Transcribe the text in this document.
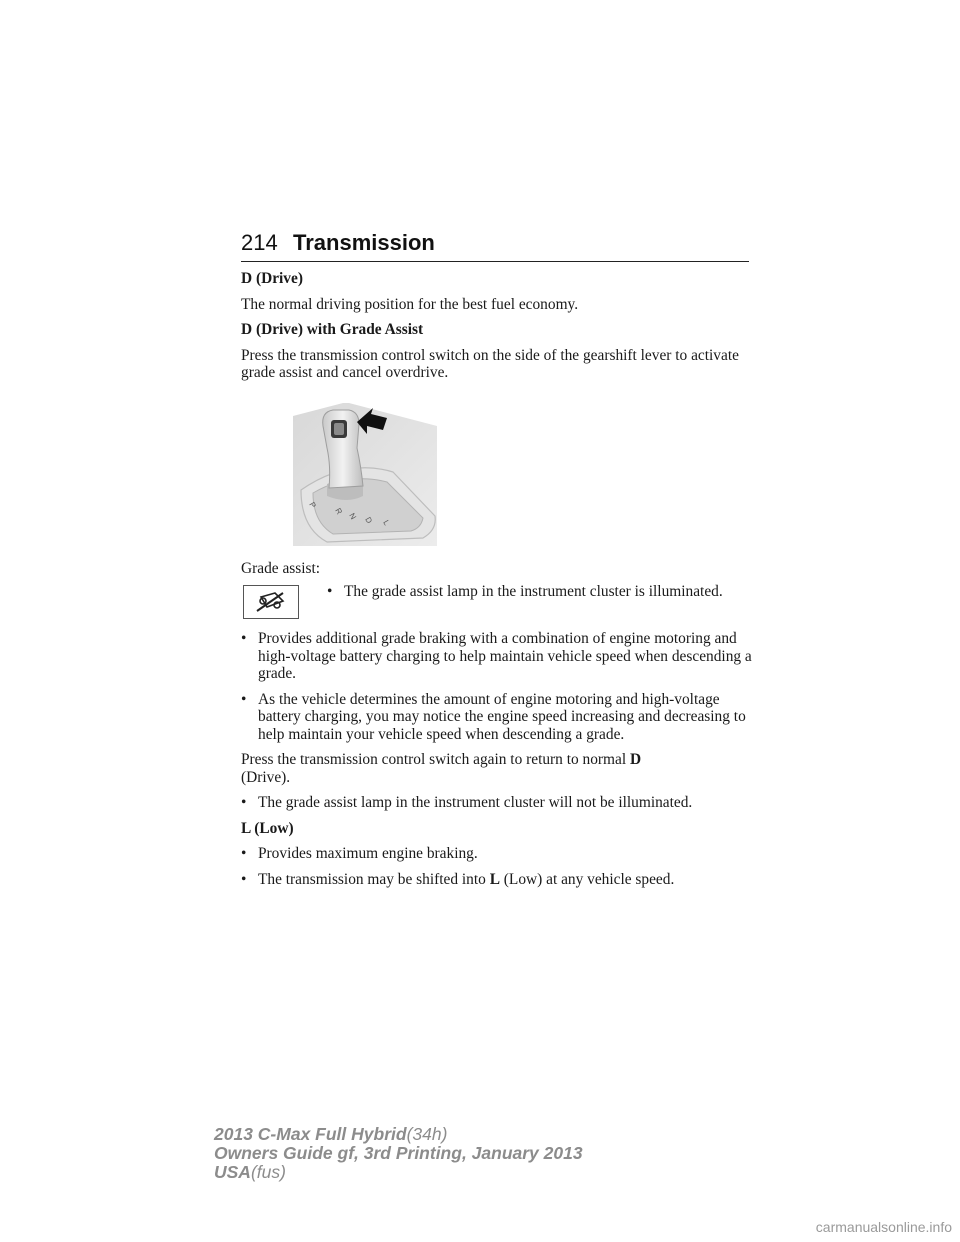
214 Transmission

D (Drive)

The normal driving position for the best fuel economy.

D (Drive) with Grade Assist

Press the transmission control switch on the side of the gearshift lever to activate grade assist and cancel overdrive.

P
R
N D L

Grade assist:

• The grade assist lamp in the instrument cluster is illuminated.
• Provides additional grade braking with a combination of engine motoring and high-voltage battery charging to help maintain vehicle speed when descending a grade.
• As the vehicle determines the amount of engine motoring and high-voltage battery charging, you may notice the engine speed increasing and decreasing to help maintain your vehicle speed when descending a grade.

Press the transmission control switch again to return to normal D
(Drive).

• The grade assist lamp in the instrument cluster will not be illuminated.

L (Low)

• Provides maximum engine braking.
• The transmission may be shifted into L (Low) at any vehicle speed.
2013 C-Max Full Hybrid(34h)
Owners Guide gf, 3rd Printing, January 2013
USA(fus)
carmanualsonline.info
